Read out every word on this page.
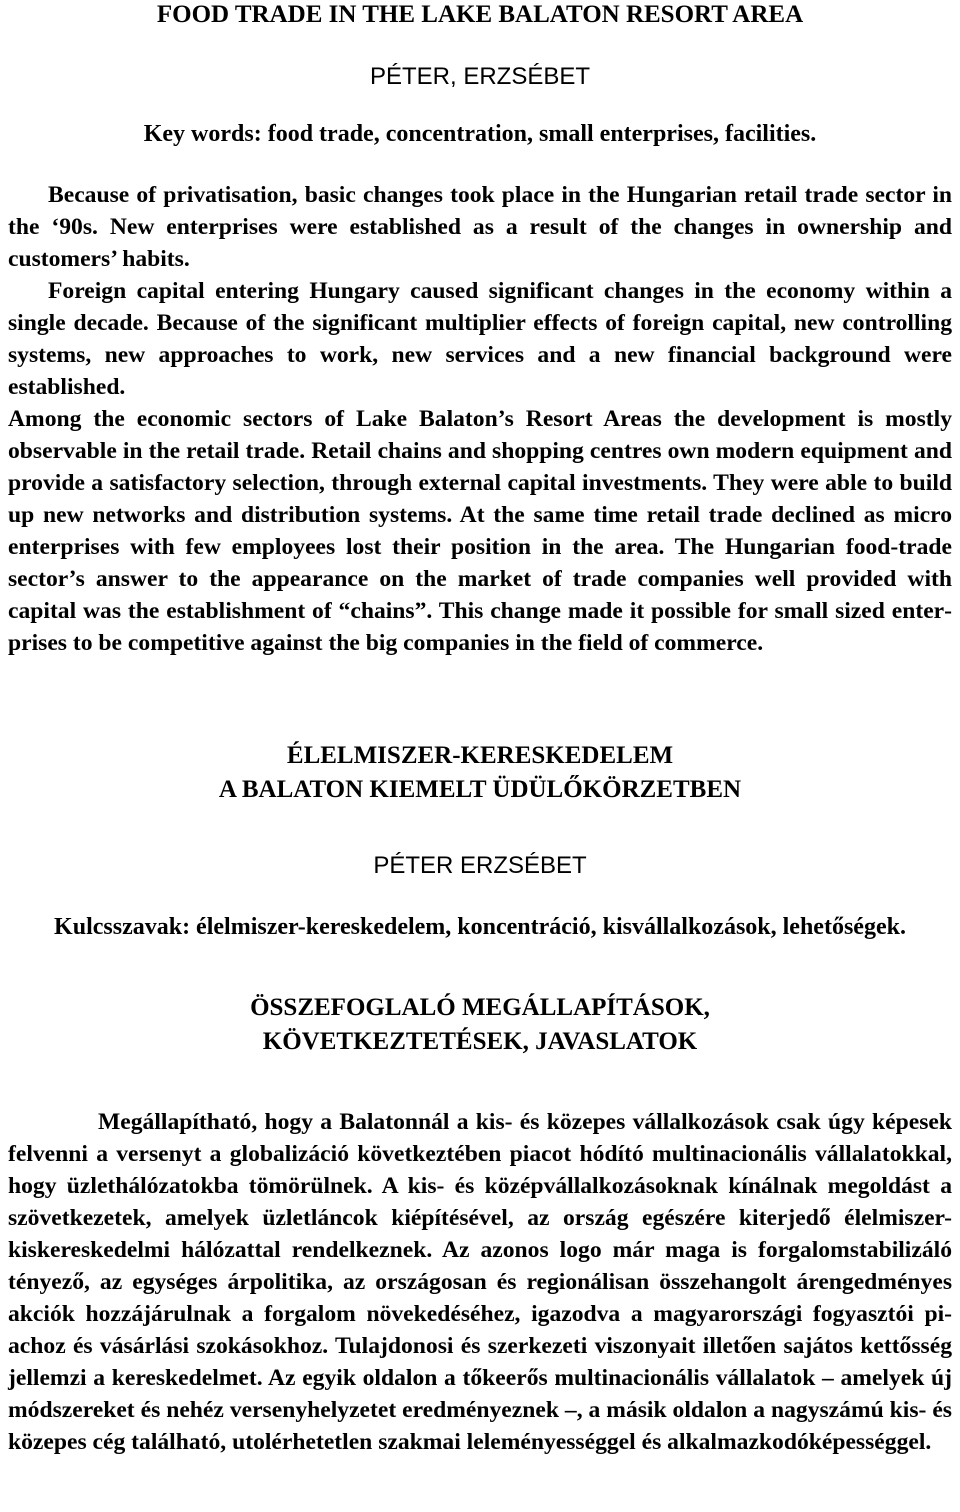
FOOD TRADE IN THE LAKE BALATON RESORT AREA
PÉTER, ERZSÉBET
Key words: food trade, concentration, small enterprises, facilities.

Because of privatisation, basic changes took place in the Hungarian retail trade sector in the ‘90s. New enterprises were established as a result of the changes in ownership and customers’ habits.

Foreign capital entering Hungary caused significant changes in the economy within a single decade. Because of the significant multiplier effects of foreign capital, new controlling systems, new approaches to work, new services and a new financial background were established.

Among the economic sectors of Lake Balaton’s Resort Areas the development is mostly observable in the retail trade. Retail chains and shopping centres own modern equipment and provide a satisfactory selection, through external capital investments. They were able to build up new networks and distribution systems. At the same time retail trade declined as micro enterprises with few employees lost their position in the area. The Hungarian food-trade sector’s answer to the appearance on the market of trade companies well provided with capital was the establishment of “chains”. This change made it possible for small sized enterprises to be competitive against the big companies in the field of commerce.

ÉLELMISZER-KERESKEDELEM
A BALATON KIEMELT ÜDÜLŐKÖRZETBEN
PÉTER ERZSÉBET
Kulcsszavak: élelmiszer-kereskedelem, koncentráció, kisvállalkozások, lehetőségek.
ÖSSZEFOGLALÓ MEGÁLLAPÍTÁSOK,
KÖVETKEZTETÉSEK, JAVASLATOK

Megállapítható, hogy a Balatonnál a kis- és közepes vállalkozások csak úgy képesek felvenni a versenyt a globalizáció következtében piacot hódító multinacionális vállalatokkal, hogy üzlethálózatokba tömörülnek. A kis- és középvállalkozásoknak kínálnak megoldást a szövetkezetek, amelyek üzletláncok kiépítésével, az ország egészére kiterjedő élelmiszer-kiskereskedelmi hálózattal rendelkeznek. Az azonos logo már maga is forgalomstabilizáló tényező, az egységes árpolitika, az országosan és regionálisan összehangolt árengedményes akciók hozzájárulnak a forgalom növekedéséhez, igazodva a magyarországi fogyasztói piachoz és vásárlási szokásokhoz. Tulajdonosi és szerkezeti viszonyait illetően sajátos kettősség jellemzi a kereskedelmet. Az egyik oldalon a tőkeerős multinacionális vállalatok – amelyek új módszereket és nehéz versenyhelyzetet eredményeznek –, a másik oldalon a nagyszámú kis- és közepes cég található, utolérhetetlen szakmai leleményességgel és alkalmazkodóképességgel.
